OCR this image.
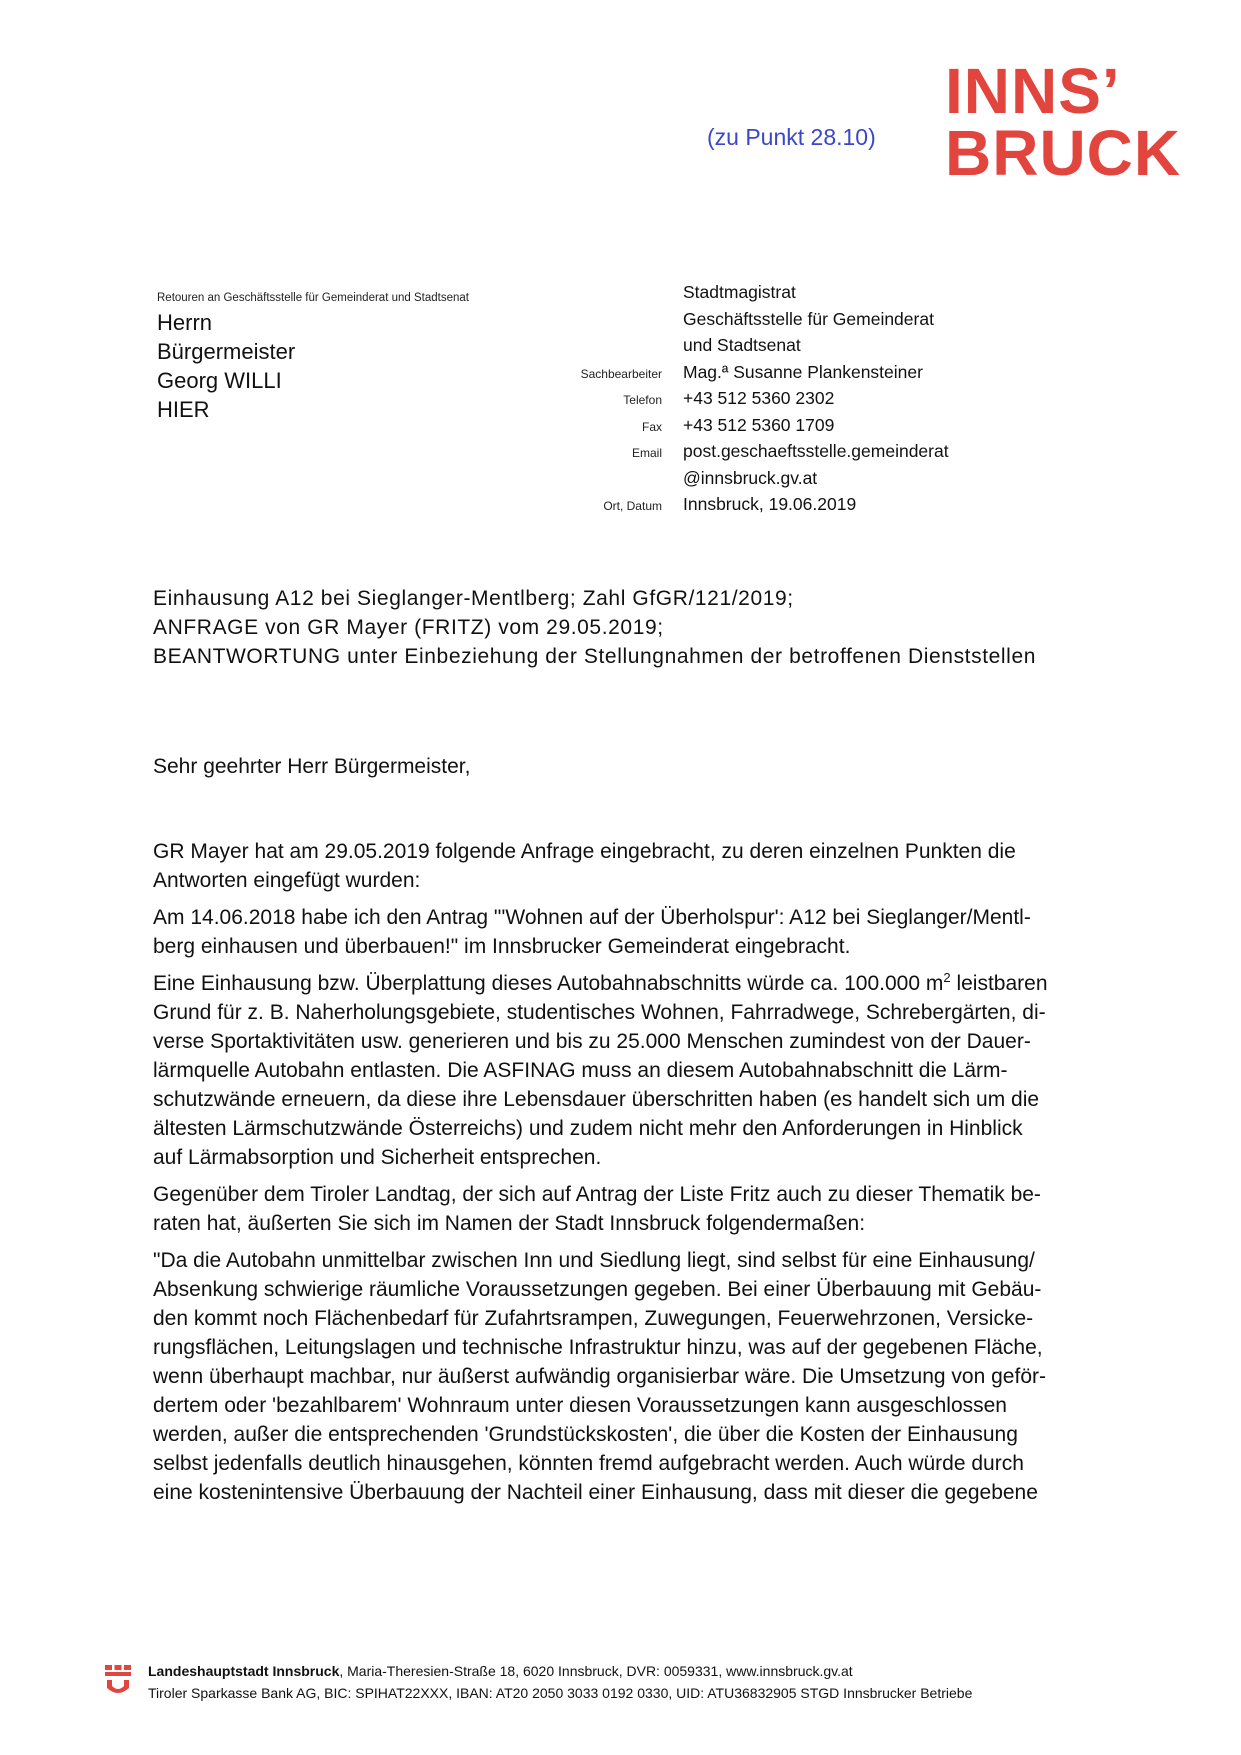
(zu Punkt 28.10)
INNS’
BRUCK
Retouren an Geschäftsstelle für Gemeinderat und Stadtsenat
Herrn
Bürgermeister
Georg WILLI
HIER
Stadtmagistrat
Geschäftsstelle für Gemeinderat
und Stadtsenat
Sachbearbeiter	Mag.ª Susanne Plankensteiner
Telefon	+43 512 5360 2302
Fax	+43 512 5360 1709
Email	post.geschaeftsstelle.gemeinderat
@innsbruck.gv.at
Ort, Datum	Innsbruck, 19.06.2019
Einhausung A12 bei Sieglanger-Mentlberg; Zahl GfGR/121/2019;
ANFRAGE von GR Mayer (FRITZ) vom 29.05.2019;
BEANTWORTUNG unter Einbeziehung der Stellungnahmen der betroffenen Dienststellen
Sehr geehrter Herr Bürgermeister,

GR Mayer hat am 29.05.2019 folgende Anfrage eingebracht, zu deren einzelnen Punkten die
Antworten eingefügt wurden:

Am 14.06.2018 habe ich den Antrag "'Wohnen auf der Überholspur': A12 bei Sieglanger/Mentl-
berg einhausen und überbauen!" im Innsbrucker Gemeinderat eingebracht.

Eine Einhausung bzw. Überplattung dieses Autobahnabschnitts würde ca. 100.000 $m^2$ leistbaren
Grund für z. B. Naherholungsgebiete, studentisches Wohnen, Fahrradwege, Schrebergärten, di-
verse Sportaktivitäten usw. generieren und bis zu 25.000 Menschen zumindest von der Dauer-
lärmquelle Autobahn entlasten. Die ASFINAG muss an diesem Autobahnabschnitt die Lärm-
schutzwände erneuern, da diese ihre Lebensdauer überschritten haben (es handelt sich um die
ältesten Lärmschutzwände Österreichs) und zudem nicht mehr den Anforderungen in Hinblick
auf Lärmabsorption und Sicherheit entsprechen.

Gegenüber dem Tiroler Landtag, der sich auf Antrag der Liste Fritz auch zu dieser Thematik be-
raten hat, äußerten Sie sich im Namen der Stadt Innsbruck folgendermaßen:

"Da die Autobahn unmittelbar zwischen Inn und Siedlung liegt, sind selbst für eine Einhausung/
Absenkung schwierige räumliche Voraussetzungen gegeben. Bei einer Überbauung mit Gebäu-
den kommt noch Flächenbedarf für Zufahrtsrampen, Zuwegungen, Feuerwehrzonen, Versicke-
rungsflächen, Leitungslagen und technische Infrastruktur hinzu, was auf der gegebenen Fläche,
wenn überhaupt machbar, nur äußerst aufwändig organisierbar wäre. Die Umsetzung von geför-
dertem oder 'bezahlbarem' Wohnraum unter diesen Voraussetzungen kann ausgeschlossen
werden, außer die entsprechenden 'Grundstückskosten', die über die Kosten der Einhausung
selbst jedenfalls deutlich hinausgehen, könnten fremd aufgebracht werden. Auch würde durch
eine kostenintensive Überbauung der Nachteil einer Einhausung, dass mit dieser die gegebene

Landeshauptstadt Innsbruck, Maria-Theresien-Straße 18, 6020 Innsbruck, DVR: 0059331, www.innsbruck.gv.at
Tiroler Sparkasse Bank AG, BIC: SPIHAT22XXX, IBAN: AT20 2050 3033 0192 0330, UID: ATU36832905 STGD Innsbrucker Betriebe
